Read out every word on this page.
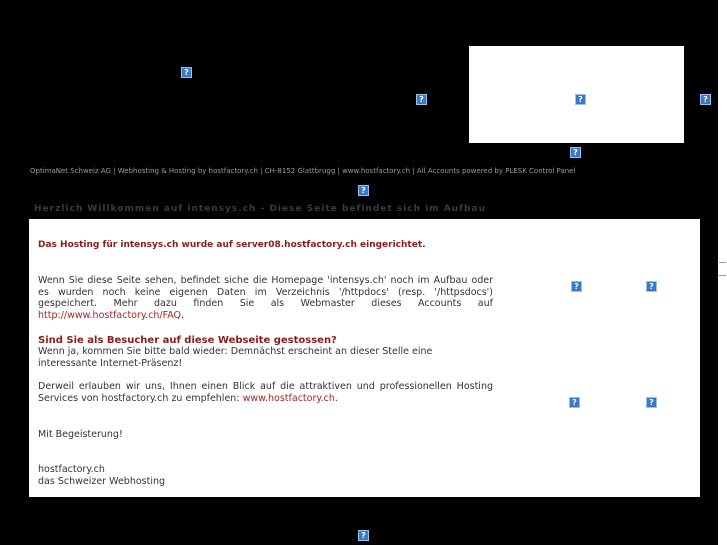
?
?	?	?
?
OptimaNet Schweiz AG | Webhosting & Hosting by hostfactory.ch | CH-8152 Glattbrugg | www.hostfactory.ch | All Accounts powered by PLESK Control Panel
?
Herzlich Willkommen auf intensys.ch - Diese Seite befindet sich im Aufbau
Das Hosting für intensys.ch wurde auf server08.hostfactory.ch eingerichtet.
Wenn Sie diese Seite sehen, befindet siche die Homepage 'intensys.ch' noch im Aufbau oder es wurden noch keine eigenen Daten im Verzeichnis '/httpdocs' (resp. '/httpsdocs') gespeichert. Mehr dazu finden Sie als Webmaster dieses Accounts auf http://www.hostfactory.ch/FAQ.
Sind Sie als Besucher auf diese Webseite gestossen?
Wenn ja, kommen Sie bitte bald wieder: Demnächst erscheint an dieser Stelle eine interessante Internet-Präsenz!
Derweil erlauben wir uns, Ihnen einen Blick auf die attraktiven und professionellen Hosting Services von hostfactory.ch zu empfehlen: www.hostfactory.ch.
Mit Begeisterung!
hostfactory.ch
das Schweizer Webhosting
?	?
?	?
?
